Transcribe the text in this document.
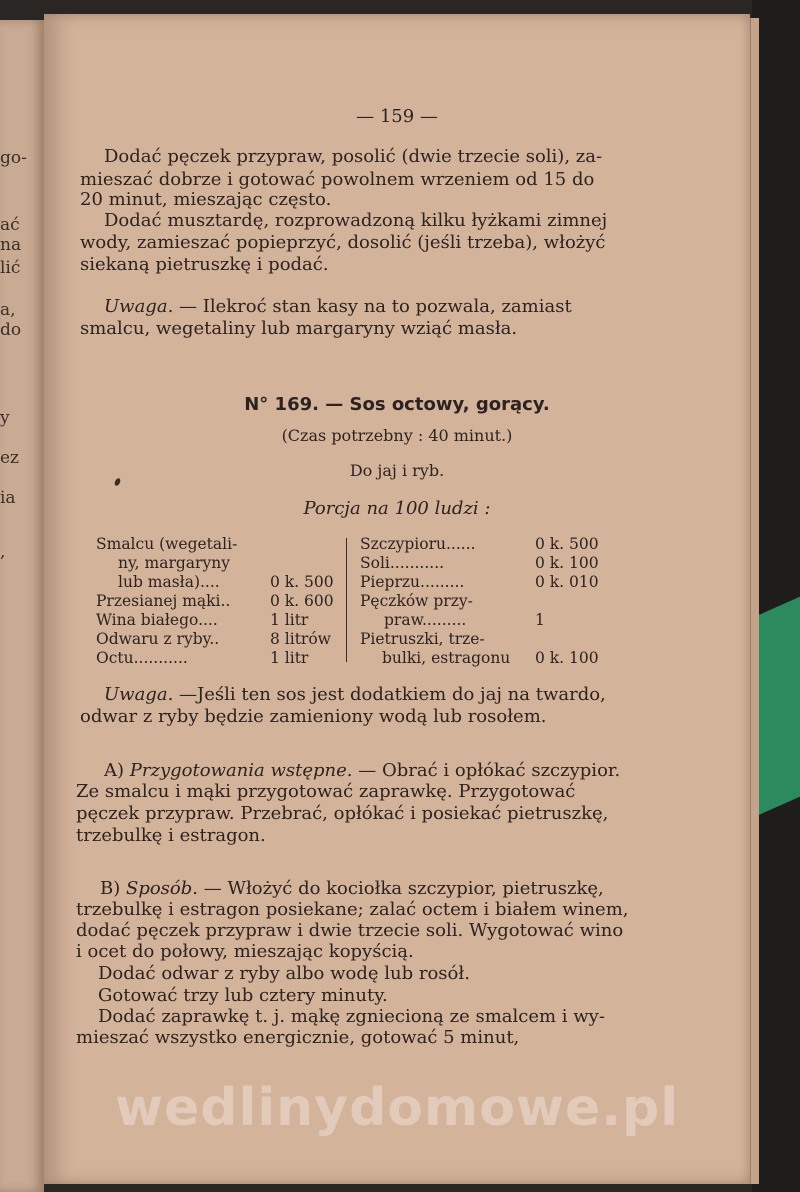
go-
ać
na
lić
a,
do
y
ez
ia
,
— 159 —
Dodać pęczek przypraw, posolić (dwie trzecie soli), za-
mieszać dobrze i gotować powolnem wrzeniem od 15 do
20 minut, mieszając często.
Dodać musztardę, rozprowadzoną kilku łyżkami zimnej
wody, zamieszać popieprzyć, dosolić (jeśli trzeba), włożyć
siekaną pietruszkę i podać.
Uwaga. — Ilekroć stan kasy na to pozwala, zamiast
smalcu, wegetaliny lub margaryny wziąć masła.
N° 169. — Sos octowy, gorący.
(Czas potrzebny : 40 minut.)
Do jaj i ryb.
Porcja na 100 ludzi :
Smalcu (wegetali-
ny, margaryny
lub masła)....	0 k. 500
Przesianej mąki..	0 k. 600
Wina białego....	1 litr
Odwaru z ryby..	8 litrów
Octu...........	1 litr
Szczypioru......	0 k. 500
Soli...........	0 k. 100
Pieprzu.........	0 k. 010
Pęczków przy-
praw.........	1
Pietruszki, trze-
bulki, estragonu 0 k. 100
Uwaga. —Jeśli ten sos jest dodatkiem do jaj na twardo,
odwar z ryby będzie zamieniony wodą lub rosołem.
A) Przygotowania wstępne. — Obrać i opłókać szczypior.
Ze smalcu i mąki przygotować zaprawkę. Przygotować
pęczek przypraw. Przebrać, opłókać i posiekać pietruszkę,
trzebulkę i estragon.
B) Sposób. — Włożyć do kociołka szczypior, pietruszkę,
trzebulkę i estragon posiekane; zalać octem i białem winem,
dodać pęczek przypraw i dwie trzecie soli. Wygotować wino
i ocet do połowy, mieszając kopyścią.
Dodać odwar z ryby albo wodę lub rosół.
Gotować trzy lub cztery minuty.
Dodać zaprawkę t. j. mąkę zgniecioną ze smalcem i wy-
mieszać wszystko energicznie, gotować 5 minut,
wedlinydomowe.pl
